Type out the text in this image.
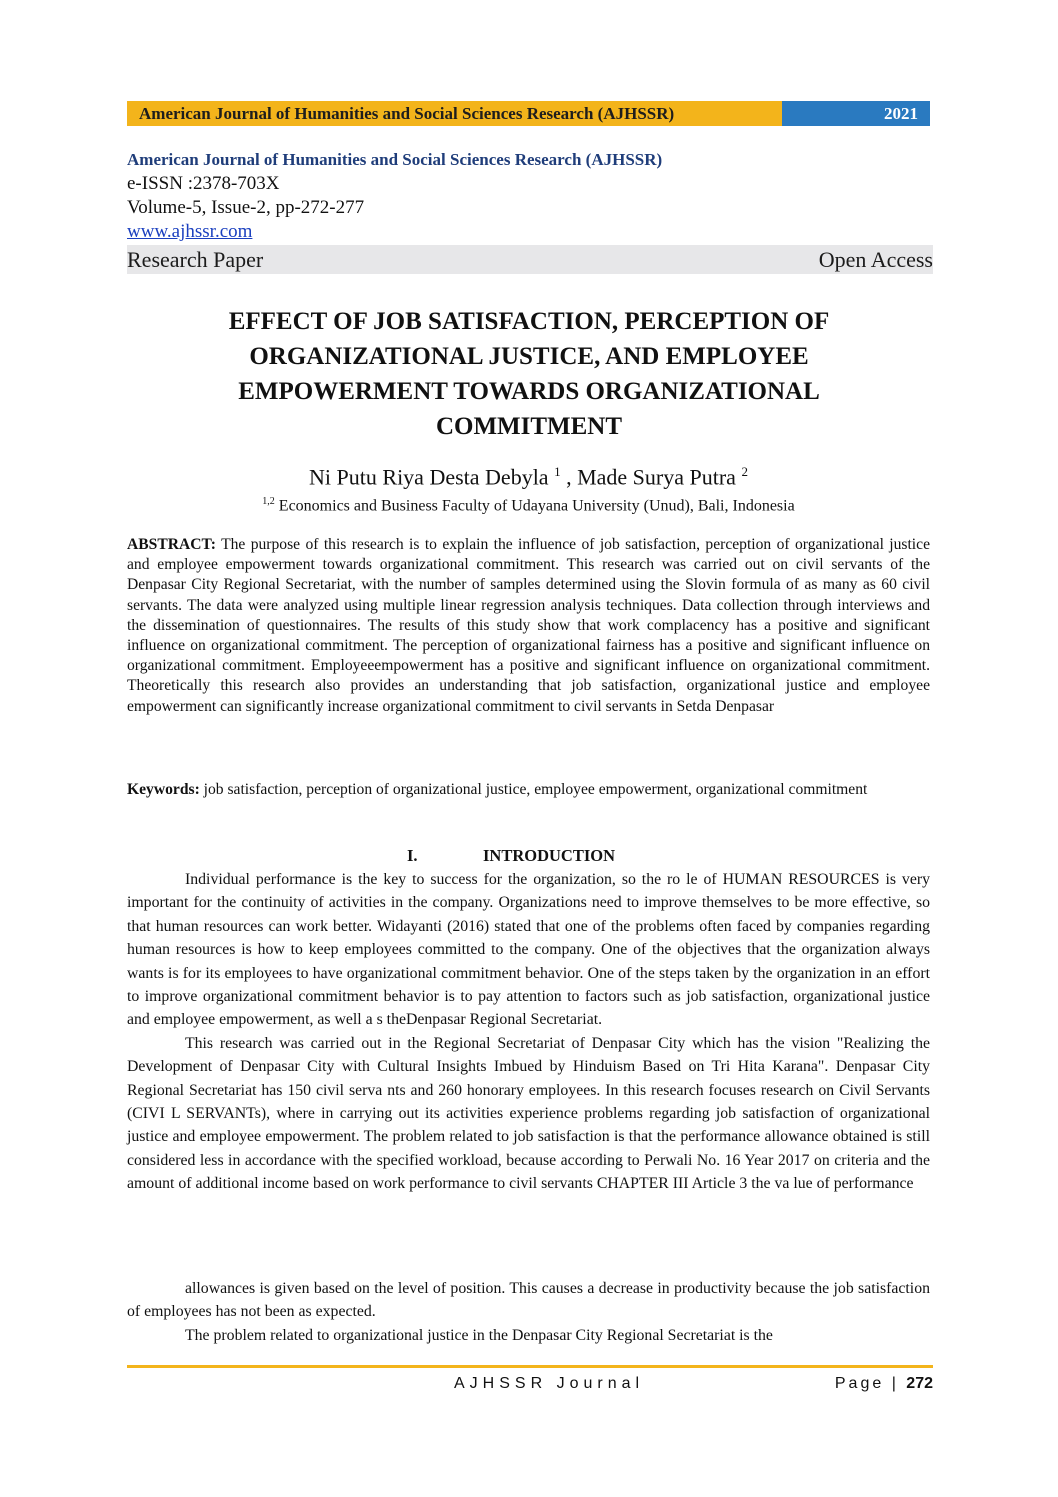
American Journal of Humanities and Social Sciences Research (AJHSSR)	2021
American Journal of Humanities and Social Sciences Research (AJHSSR)
e-ISSN :2378-703X
Volume-5, Issue-2, pp-272-277
www.ajhssr.com
Research Paper	Open Access
EFFECT OF JOB SATISFACTION, PERCEPTION OF ORGANIZATIONAL JUSTICE, AND EMPLOYEE EMPOWERMENT TOWARDS ORGANIZATIONAL COMMITMENT
Ni Putu Riya Desta Debyla $^1$ , Made Surya Putra $^2$
$^{1,2}$ Economics and Business Faculty of Udayana University (Unud), Bali, Indonesia
ABSTRACT: The purpose of this research is to explain the influence of job satisfaction, perception of organizational justice and employee empowerment towards organizational commitment. This research was carried out on civil servants of the Denpasar City Regional Secretariat, with the number of samples determined using the Slovin formula of as many as 60 civil servants. The data were analyzed using multiple linear regression analysis techniques. Data collection through interviews and the dissemination of questionnaires. The results of this study show that work complacency has a positive and significant influence on organizational commitment. The perception of organizational fairness has a positive and significant influence on organizational commitment. Employeeempowerment has a positive and significant influence on organizational commitment. Theoretically this research also provides an understanding that job satisfaction, organizational justice and employee empowerment can significantly increase organizational commitment to civil servants in Setda Denpasar
Keywords: job satisfaction, perception of organizational justice, employee empowerment, organizational commitment
I.	INTRODUCTION

Individual performance is the key to success for the organization, so the ro le of HUMAN RESOURCES is very important for the continuity of activities in the company. Organizations need to improve themselves to be more effective, so that human resources can work better. Widayanti (2016) stated that one of the problems often faced by companies regarding human resources is how to keep employees committed to the company. One of the objectives that the organization always wants is for its employees to have organizational commitment behavior. One of the steps taken by the organization in an effort to improve organizational commitment behavior is to pay attention to factors such as job satisfaction, organizational justice and employee empowerment, as well a s theDenpasar Regional Secretariat.

This research was carried out in the Regional Secretariat of Denpasar City which has the vision "Realizing the Development of Denpasar City with Cultural Insights Imbued by Hinduism Based on Tri Hita Karana". Denpasar City Regional Secretariat has 150 civil serva nts and 260 honorary employees. In this research focuses research on Civil Servants (CIVI L SERVANTs), where in carrying out its activities experience problems regarding job satisfaction of organizational justice and employee empowerment. The problem related to job satisfaction is that the performance allowance obtained is still considered less in accordance with the specified workload, because according to Perwali No. 16 Year 2017 on criteria and the amount of additional income based on work performance to civil servants CHAPTER III Article 3 the va lue of performance

allowances is given based on the level of position. This causes a decrease in productivity because the job satisfaction of employees has not been as expected.

The problem related to organizational justice in the Denpasar City Regional Secretariat is the

AJHSSR Journal	Page | 272
